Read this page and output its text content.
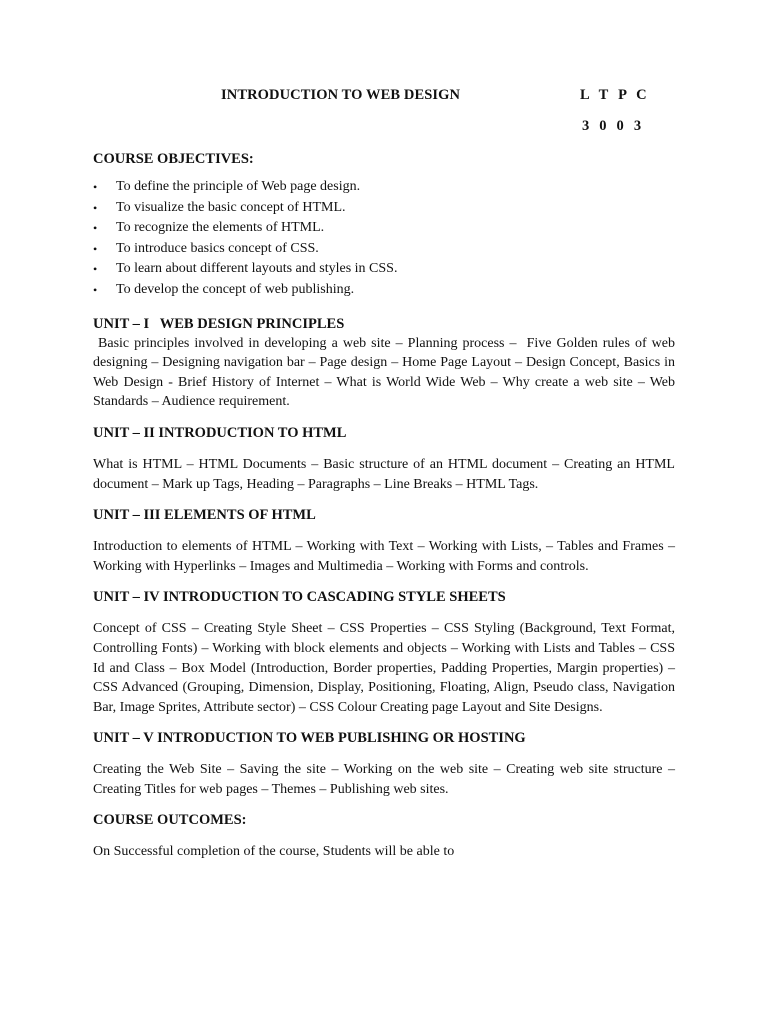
INTRODUCTION TO WEB DESIGN	L T P C
3 0 0 3

COURSE OBJECTIVES:

• To define the principle of Web page design.
• To visualize the basic concept of HTML.
• To recognize the elements of HTML.
• To introduce basics concept of CSS.
• To learn about different layouts and styles in CSS.
• To develop the concept of web publishing.

UNIT – I   WEB DESIGN PRINCIPLES

Basic principles involved in developing a web site – Planning process –  Five Golden rules of web designing – Designing navigation bar – Page design – Home Page Layout – Design Concept, Basics in Web Design - Brief History of Internet – What is World Wide Web – Why create a web site – Web Standards – Audience requirement.

UNIT – II INTRODUCTION TO HTML

What is HTML – HTML Documents – Basic structure of an HTML document – Creating an HTML document – Mark up Tags, Heading – Paragraphs – Line Breaks – HTML Tags.

UNIT – III ELEMENTS OF HTML

Introduction to elements of HTML – Working with Text – Working with Lists, – Tables and Frames – Working with Hyperlinks – Images and Multimedia – Working with Forms and controls.

UNIT – IV INTRODUCTION TO CASCADING STYLE SHEETS

Concept of CSS – Creating Style Sheet – CSS Properties – CSS Styling (Background, Text Format, Controlling Fonts) – Working with block elements and objects – Working with Lists and Tables – CSS Id and Class – Box Model (Introduction, Border properties, Padding Properties, Margin properties) – CSS Advanced (Grouping, Dimension, Display, Positioning, Floating, Align, Pseudo class, Navigation Bar, Image Sprites, Attribute sector) – CSS Colour Creating page Layout and Site Designs.

UNIT – V INTRODUCTION TO WEB PUBLISHING OR HOSTING

Creating the Web Site – Saving the site – Working on the web site – Creating web site structure – Creating Titles for web pages – Themes – Publishing web sites.

COURSE OUTCOMES:

On Successful completion of the course, Students will be able to
